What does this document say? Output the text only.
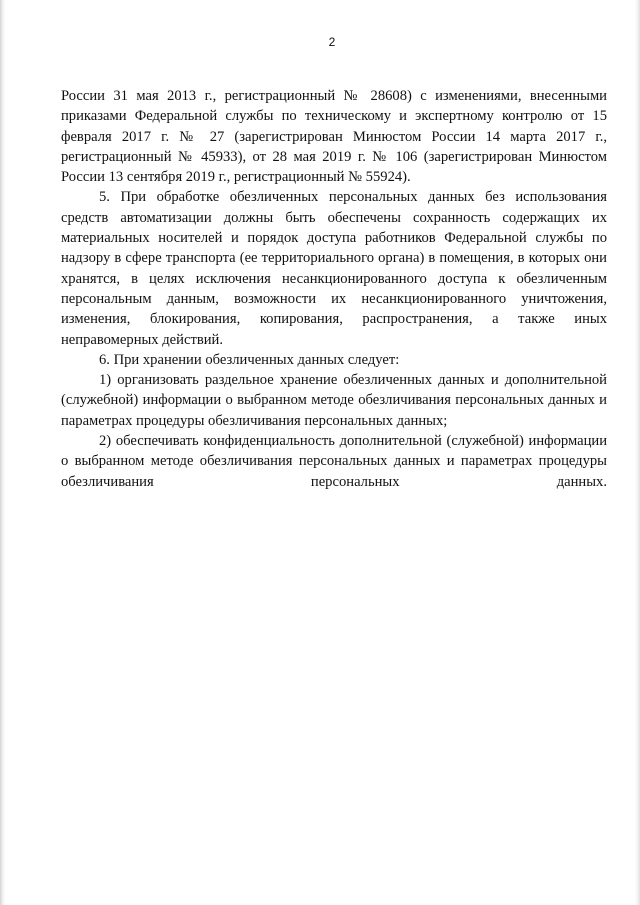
2

России 31 мая 2013 г., регистрационный № 28608) с изменениями, внесенными приказами Федеральной службы по техническому и экспертному контролю от 15 февраля 2017 г. № 27 (зарегистрирован Минюстом России 14 марта 2017 г., регистрационный № 45933), от 28 мая 2019 г. № 106 (зарегистрирован Минюстом России 13 сентября 2019 г., регистрационный № 55924).

5. При обработке обезличенных персональных данных без использования средств автоматизации должны быть обеспечены сохранность содержащих их материальных носителей и порядок доступа работников Федеральной службы по надзору в сфере транспорта (ее территориального органа) в помещения, в которых они хранятся, в целях исключения несанкционированного доступа к обезличенным персональным данным, возможности их несанкционированного уничтожения, изменения, блокирования, копирования, распространения, а также иных неправомерных действий.

6. При хранении обезличенных данных следует:

1) организовать раздельное хранение обезличенных данных и дополнительной (служебной) информации о выбранном методе обезличивания персональных данных и параметрах процедуры обезличивания персональных данных;

2) обеспечивать конфиденциальность дополнительной (служебной) информации о выбранном методе обезличивания персональных данных и параметрах процедуры обезличивания персональных данных.
